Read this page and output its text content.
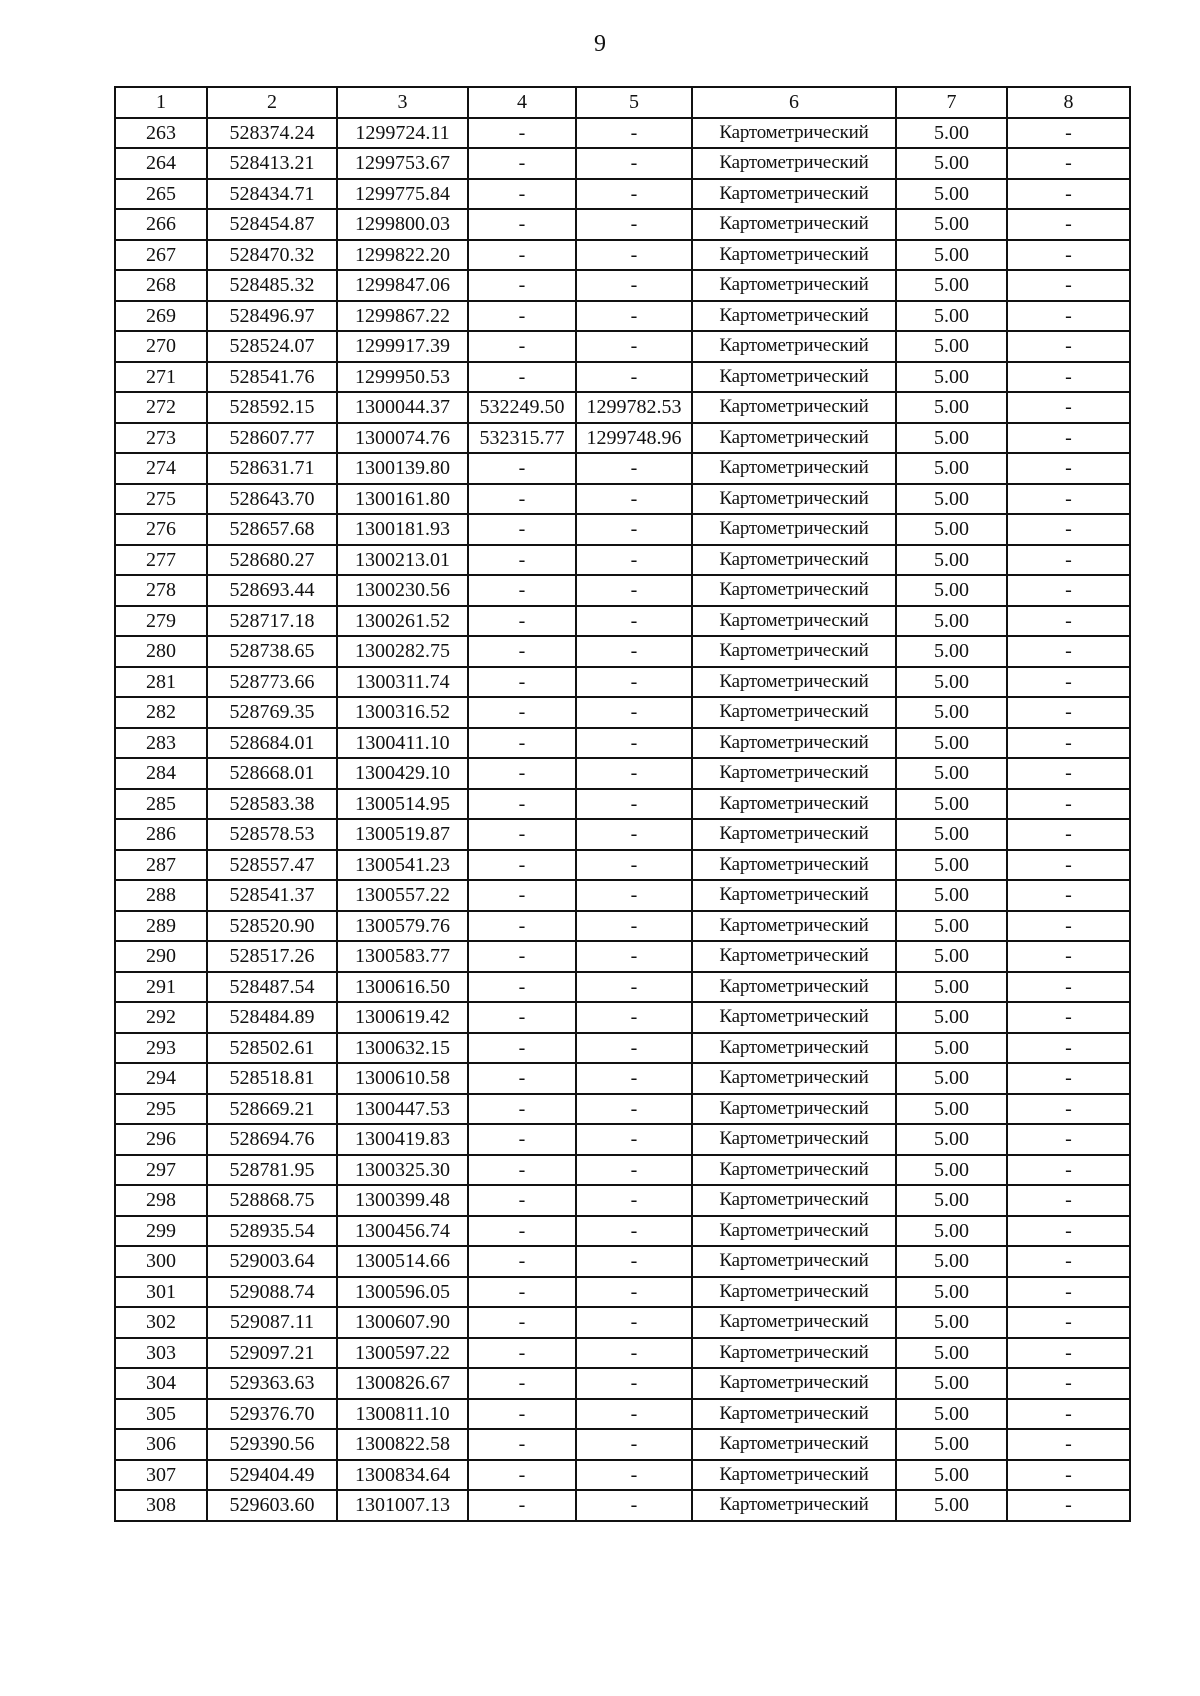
9
1	2	3	4	5	6	7	8
263	528374.24	1299724.11	-	-	Картометрический	5.00	-
264	528413.21	1299753.67	-	-	Картометрический	5.00	-
265	528434.71	1299775.84	-	-	Картометрический	5.00	-
266	528454.87	1299800.03	-	-	Картометрический	5.00	-
267	528470.32	1299822.20	-	-	Картометрический	5.00	-
268	528485.32	1299847.06	-	-	Картометрический	5.00	-
269	528496.97	1299867.22	-	-	Картометрический	5.00	-
270	528524.07	1299917.39	-	-	Картометрический	5.00	-
271	528541.76	1299950.53	-	-	Картометрический	5.00	-
272	528592.15	1300044.37	532249.50	1299782.53	Картометрический	5.00	-
273	528607.77	1300074.76	532315.77	1299748.96	Картометрический	5.00	-
274	528631.71	1300139.80	-	-	Картометрический	5.00	-
275	528643.70	1300161.80	-	-	Картометрический	5.00	-
276	528657.68	1300181.93	-	-	Картометрический	5.00	-
277	528680.27	1300213.01	-	-	Картометрический	5.00	-
278	528693.44	1300230.56	-	-	Картометрический	5.00	-
279	528717.18	1300261.52	-	-	Картометрический	5.00	-
280	528738.65	1300282.75	-	-	Картометрический	5.00	-
281	528773.66	1300311.74	-	-	Картометрический	5.00	-
282	528769.35	1300316.52	-	-	Картометрический	5.00	-
283	528684.01	1300411.10	-	-	Картометрический	5.00	-
284	528668.01	1300429.10	-	-	Картометрический	5.00	-
285	528583.38	1300514.95	-	-	Картометрический	5.00	-
286	528578.53	1300519.87	-	-	Картометрический	5.00	-
287	528557.47	1300541.23	-	-	Картометрический	5.00	-
288	528541.37	1300557.22	-	-	Картометрический	5.00	-
289	528520.90	1300579.76	-	-	Картометрический	5.00	-
290	528517.26	1300583.77	-	-	Картометрический	5.00	-
291	528487.54	1300616.50	-	-	Картометрический	5.00	-
292	528484.89	1300619.42	-	-	Картометрический	5.00	-
293	528502.61	1300632.15	-	-	Картометрический	5.00	-
294	528518.81	1300610.58	-	-	Картометрический	5.00	-
295	528669.21	1300447.53	-	-	Картометрический	5.00	-
296	528694.76	1300419.83	-	-	Картометрический	5.00	-
297	528781.95	1300325.30	-	-	Картометрический	5.00	-
298	528868.75	1300399.48	-	-	Картометрический	5.00	-
299	528935.54	1300456.74	-	-	Картометрический	5.00	-
300	529003.64	1300514.66	-	-	Картометрический	5.00	-
301	529088.74	1300596.05	-	-	Картометрический	5.00	-
302	529087.11	1300607.90	-	-	Картометрический	5.00	-
303	529097.21	1300597.22	-	-	Картометрический	5.00	-
304	529363.63	1300826.67	-	-	Картометрический	5.00	-
305	529376.70	1300811.10	-	-	Картометрический	5.00	-
306	529390.56	1300822.58	-	-	Картометрический	5.00	-
307	529404.49	1300834.64	-	-	Картометрический	5.00	-
308	529603.60	1301007.13	-	-	Картометрический	5.00	-
